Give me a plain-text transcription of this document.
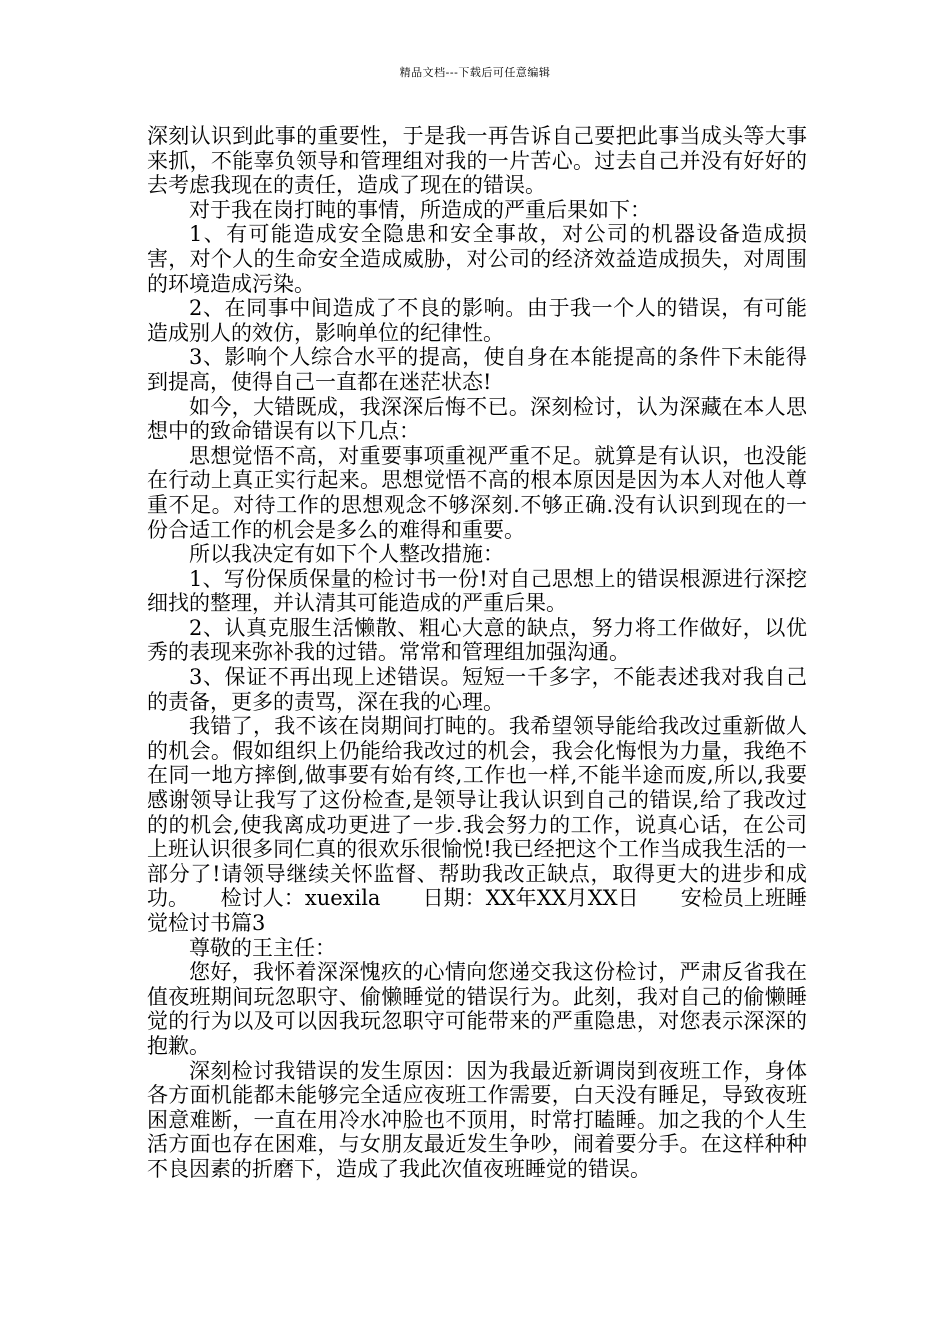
精品文档---下载后可任意编辑

深刻认识到此事的重要性，于是我一再告诉自己要把此事当成头等大事来抓，不能辜负领导和管理组对我的一片苦心。过去自己并没有好好的去考虑我现在的责任，造成了现在的错误。

对于我在岗打盹的事情，所造成的严重后果如下：

1、有可能造成安全隐患和安全事故，对公司的机器设备造成损害，对个人的生命安全造成威胁，对公司的经济效益造成损失，对周围的环境造成污染。

2、在同事中间造成了不良的影响。由于我一个人的错误，有可能造成别人的效仿，影响单位的纪律性。

3、影响个人综合水平的提高，使自身在本能提高的条件下未能得到提高，使得自己一直都在迷茫状态!

如今，大错既成，我深深后悔不已。深刻检讨，认为深藏在本人思想中的致命错误有以下几点：

思想觉悟不高，对重要事项重视严重不足。就算是有认识，也没能在行动上真正实行起来。思想觉悟不高的根本原因是因为本人对他人尊重不足。对待工作的思想观念不够深刻.不够正确.没有认识到现在的一份合适工作的机会是多么的难得和重要。

所以我决定有如下个人整改措施：

1、写份保质保量的检讨书一份!对自己思想上的错误根源进行深挖细找的整理，并认清其可能造成的严重后果。

2、认真克服生活懒散、粗心大意的缺点，努力将工作做好，以优秀的表现来弥补我的过错。常常和管理组加强沟通。

3、保证不再出现上述错误。短短一千多字，不能表述我对我自己的责备，更多的责骂，深在我的心理。

我错了，我不该在岗期间打盹的。我希望领导能给我改过重新做人的机会。假如组织上仍能给我改过的机会，我会化悔恨为力量，我绝不在同一地方摔倒,做事要有始有终,工作也一样,不能半途而废,所以,我要感谢领导让我写了这份检查,是领导让我认识到自己的错误,给了我改过的的机会,使我离成功更进了一步.我会努力的工作，说真心话，在公司上班认识很多同仁真的很欢乐很愉悦!我已经把这个工作当成我生活的一部分了!请领导继续关怀监督、帮助我改正缺点，取得更大的进步和成功。　　检讨人：xuexila　　日期：XX年XX月XX日　　安检员上班睡觉检讨书篇3

尊敬的王主任：

您好，我怀着深深愧疚的心情向您递交我这份检讨，严肃反省我在值夜班期间玩忽职守、偷懒睡觉的错误行为。此刻，我对自己的偷懒睡觉的行为以及可以因我玩忽职守可能带来的严重隐患，对您表示深深的抱歉。

深刻检讨我错误的发生原因：因为我最近新调岗到夜班工作，身体各方面机能都未能够完全适应夜班工作需要，白天没有睡足，导致夜班困意难断，一直在用冷水冲脸也不顶用，时常打瞌睡。加之我的个人生活方面也存在困难，与女朋友最近发生争吵，闹着要分手。在这样种种不良因素的折磨下，造成了我此次值夜班睡觉的错误。
